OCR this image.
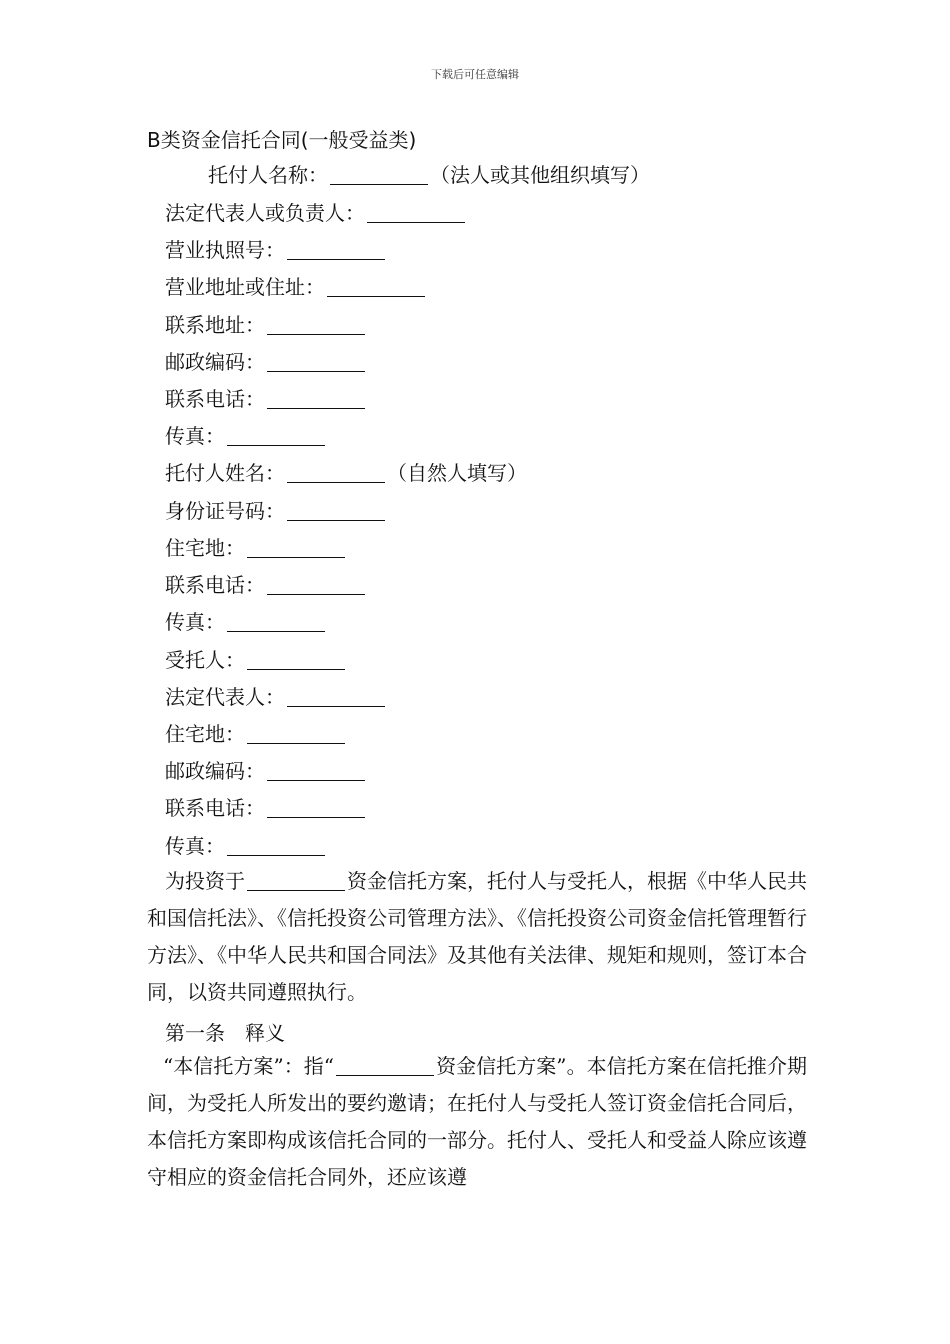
下载后可任意编辑
B类资金信托合同(一般受益类)
托付人名称：	（法人或其他组织填写）
法定代表人或负责人：
营业执照号：
营业地址或住址：
联系地址：
邮政编码：
联系电话：
传真：
托付人姓名：	（自然人填写）
身份证号码：
住宅地：
联系电话：
传真：
受托人：
法定代表人：
住宅地：
邮政编码：
联系电话：
传真：
为投资于	资金信托方案，托付人与受托人，根据《中华人民共和国信托法》、《信托投资公司管理方法》、《信托投资公司资金信托管理暂行方法》、《中华人民共和国合同法》及其他有关法律、规矩和规则，签订本合同，以资共同遵照执行。
第一条　释义
“本信托方案”：指“	资金信托方案”。本信托方案在信托推介期间，为受托人所发出的要约邀请；在托付人与受托人签订资金信托合同后，本信托方案即构成该信托合同的一部分。托付人、受托人和受益人除应该遵守相应的资金信托合同外，还应该遵
